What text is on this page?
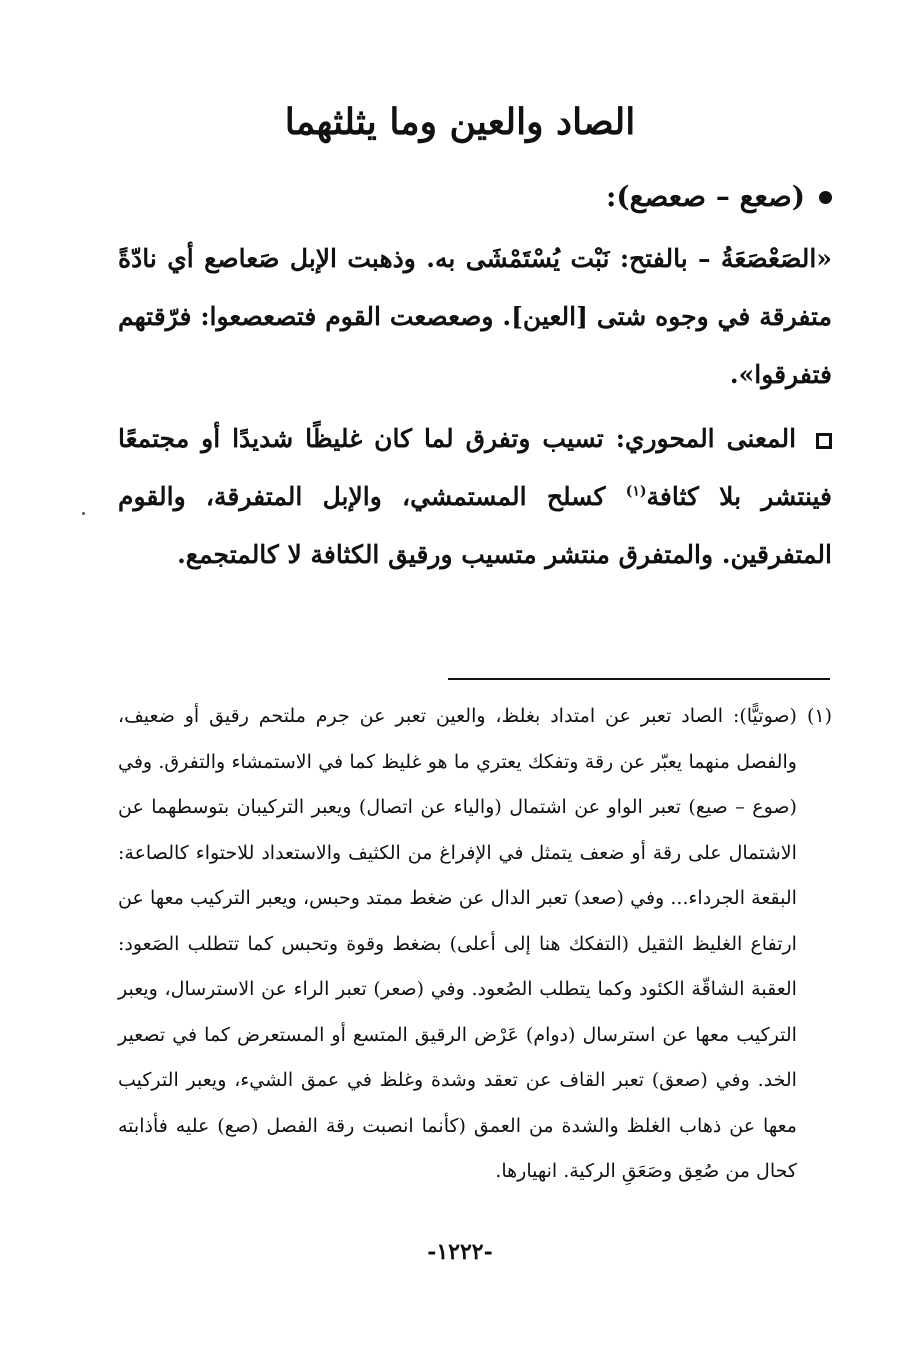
الصاد والعين وما يثلثهما
(صعع – صعصع):

«الصَعْصَعَةُ – بالفتح: نَبْت يُسْتَمْشَى به. وذهبت الإبل صَعاصع أي نادّةً متفرقة في وجوه شتى [العين]. وصعصعت القوم فتصعصعوا: فرّقتهم فتفرقوا».

المعنى المحوري: تسيب وتفرق لما كان غليظًا شديدًا أو مجتمعًا فينتشر بلا كثافة$^{(١)}$ كسلح المستمشي، والإبل المتفرقة، والقوم المتفرقين. والمتفرق منتشر متسيب ورقيق الكثافة لا كالمتجمع.

(١)
(صوتيًّا): الصاد تعبر عن امتداد بغلظ، والعين تعبر عن جرم ملتحم رقيق أو ضعيف، والفصل منهما يعبّر عن رقة وتفكك يعتري ما هو غليظ كما في الاستمشاء والتفرق. وفي (صوع – صيع) تعبر الواو عن اشتمال (والياء عن اتصال) ويعبر التركيبان بتوسطهما عن الاشتمال على رقة أو ضعف يتمثل في الإفراغ من الكثيف والاستعداد للاحتواء كالصاعة: البقعة الجرداء... وفي (صعد) تعبر الدال عن ضغط ممتد وحبس، ويعبر التركيب معها عن ارتفاع الغليظ الثقيل (التفكك هنا إلى أعلى) بضغط وقوة وتحبس كما تتطلب الصَعود: العقبة الشاقّة الكئود وكما يتطلب الصُعود. وفي (صعر) تعبر الراء عن الاسترسال، ويعبر التركيب معها عن استرسال (دوام) عَرْض الرقيق المتسع أو المستعرض كما في تصعير الخد. وفي (صعق) تعبر القاف عن تعقد وشدة وغلظ في عمق الشيء، ويعبر التركيب معها عن ذهاب الغلظ والشدة من العمق (كأنما انصبت رقة الفصل (صع) عليه فأذابته كحال من صُعِق وصَعَقِ الركية. انهيارها.
-١٢٢٢-
